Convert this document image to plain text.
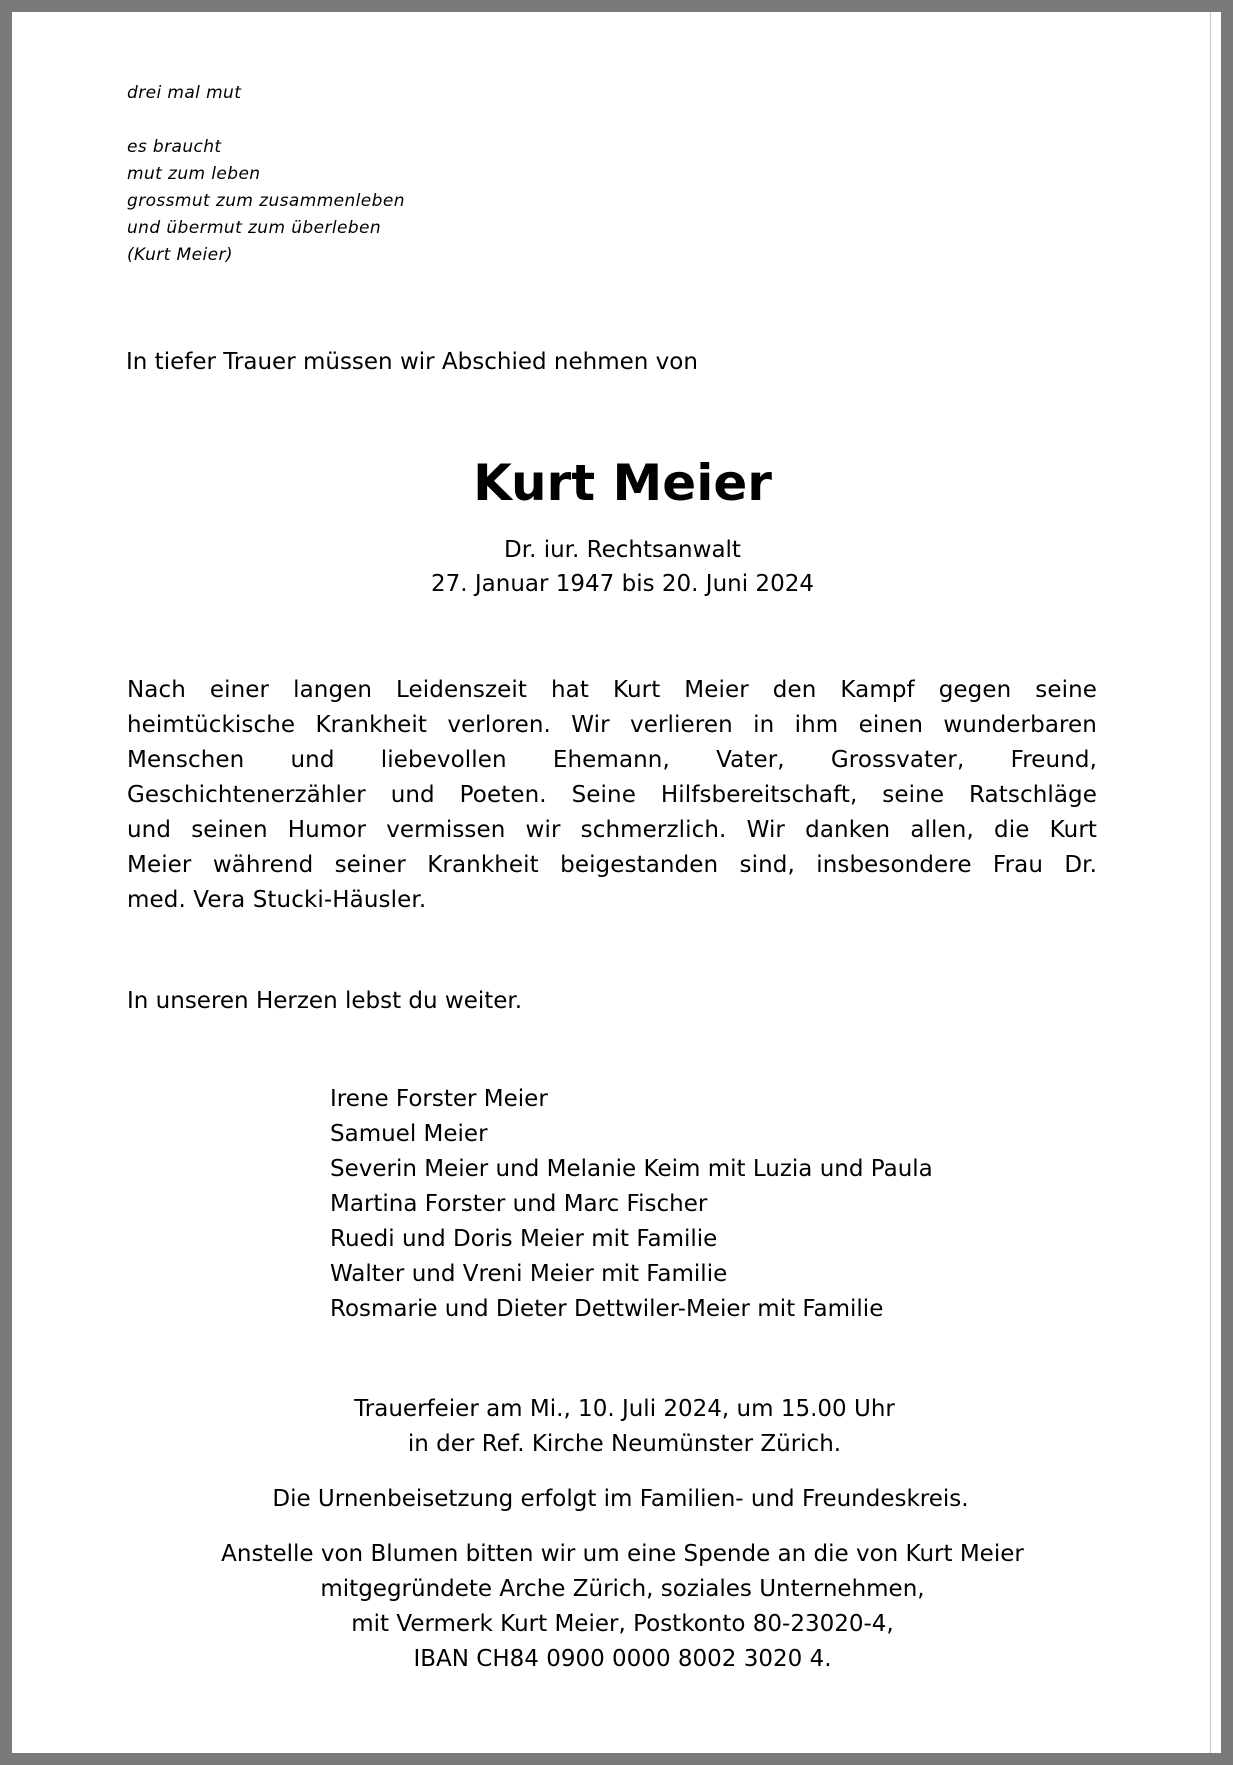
drei mal mut
es braucht
mut zum leben
grossmut zum zusammenleben
und übermut zum überleben
(Kurt Meier)
In tiefer Trauer müssen wir Abschied nehmen von
Kurt Meier
Dr. iur. Rechtsanwalt
27. Januar 1947 bis 20. Juni 2024
Nach einer langen Leidenszeit hat Kurt Meier den Kampf gegen seine
heimtückische Krankheit verloren. Wir verlieren in ihm einen wunderbaren
Menschen und liebevollen Ehemann, Vater, Grossvater, Freund,
Geschichtenerzähler und Poeten. Seine Hilfsbereitschaft, seine Ratschläge
und seinen Humor vermissen wir schmerzlich. Wir danken allen, die Kurt
Meier während seiner Krankheit beigestanden sind, insbesondere Frau Dr.
med. Vera Stucki-Häusler.
In unseren Herzen lebst du weiter.
Irene Forster Meier
Samuel Meier
Severin Meier und Melanie Keim mit Luzia und Paula
Martina Forster und Marc Fischer
Ruedi und Doris Meier mit Familie
Walter und Vreni Meier mit Familie
Rosmarie und Dieter Dettwiler-Meier mit Familie
Trauerfeier am Mi., 10. Juli 2024, um 15.00 Uhr
in der Ref. Kirche Neumünster Zürich.
Die Urnenbeisetzung erfolgt im Familien- und Freundeskreis.
Anstelle von Blumen bitten wir um eine Spende an die von Kurt Meier
mitgegründete Arche Zürich, soziales Unternehmen,
mit Vermerk Kurt Meier, Postkonto 80-23020-4,
IBAN CH84 0900 0000 8002 3020 4.
